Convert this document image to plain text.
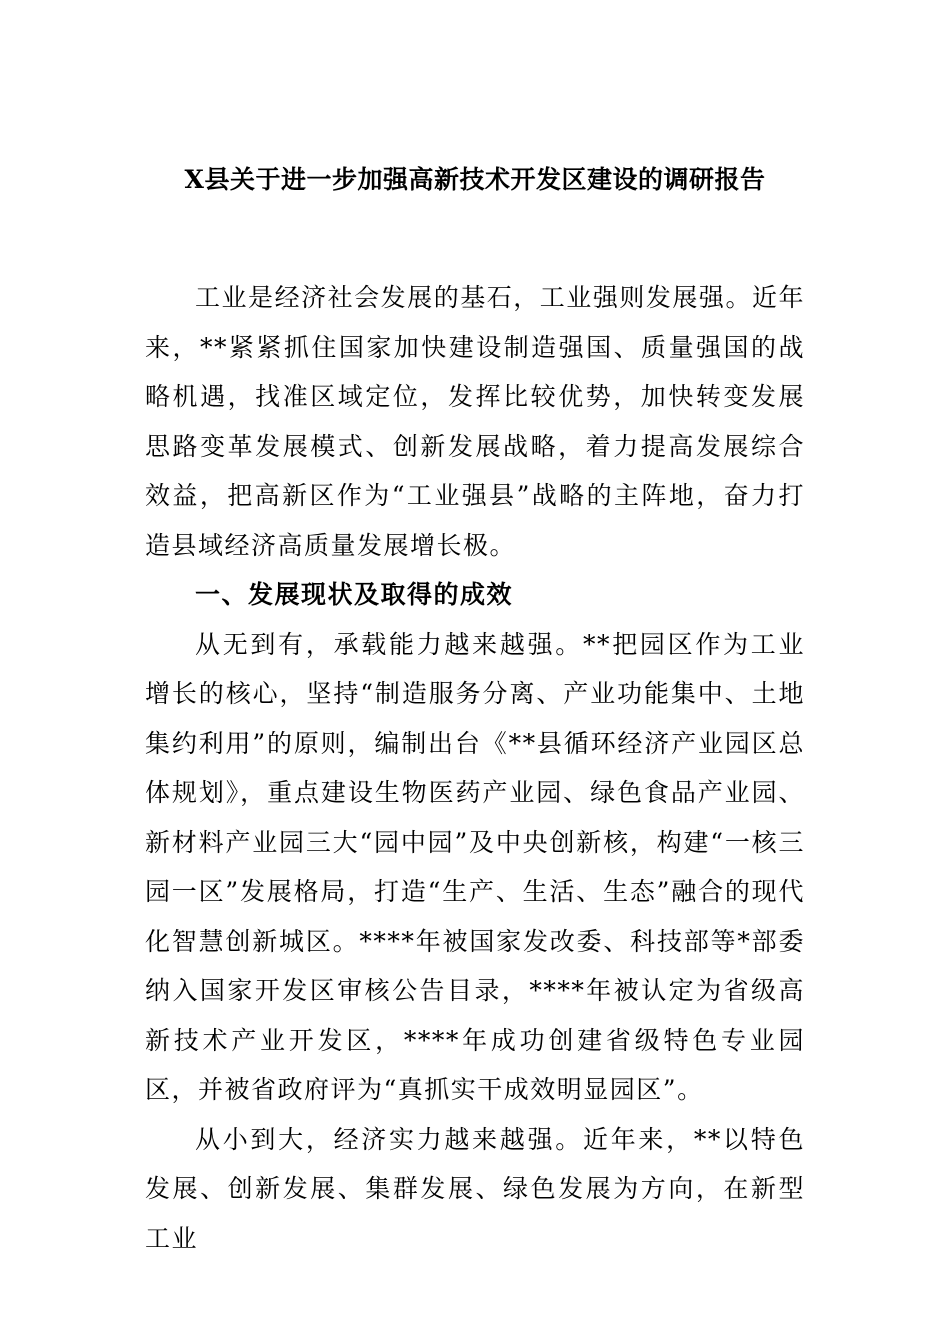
X县关于进一步加强高新技术开发区建设的调研报告

工业是经济社会发展的基石，工业强则发展强。近年来，**紧紧抓住国家加快建设制造强国、质量强国的战略机遇，找准区域定位，发挥比较优势，加快转变发展思路变革发展模式、创新发展战略，着力提高发展综合效益，把高新区作为“工业强县”战略的主阵地，奋力打造县域经济高质量发展增长极。

一、发展现状及取得的成效

从无到有，承载能力越来越强。**把园区作为工业增长的核心，坚持“制造服务分离、产业功能集中、土地集约利用”的原则，编制出台《**县循环经济产业园区总体规划》，重点建设生物医药产业园、绿色食品产业园、新材料产业园三大“园中园”及中央创新核，构建“一核三园一区”发展格局，打造“生产、生活、生态”融合的现代化智慧创新城区。****年被国家发改委、科技部等*部委纳入国家开发区审核公告目录，****年被认定为省级高新技术产业开发区，****年成功创建省级特色专业园区，并被省政府评为“真抓实干成效明显园区”。

从小到大，经济实力越来越强。近年来，**以特色发展、创新发展、集群发展、绿色发展为方向，在新型工业
